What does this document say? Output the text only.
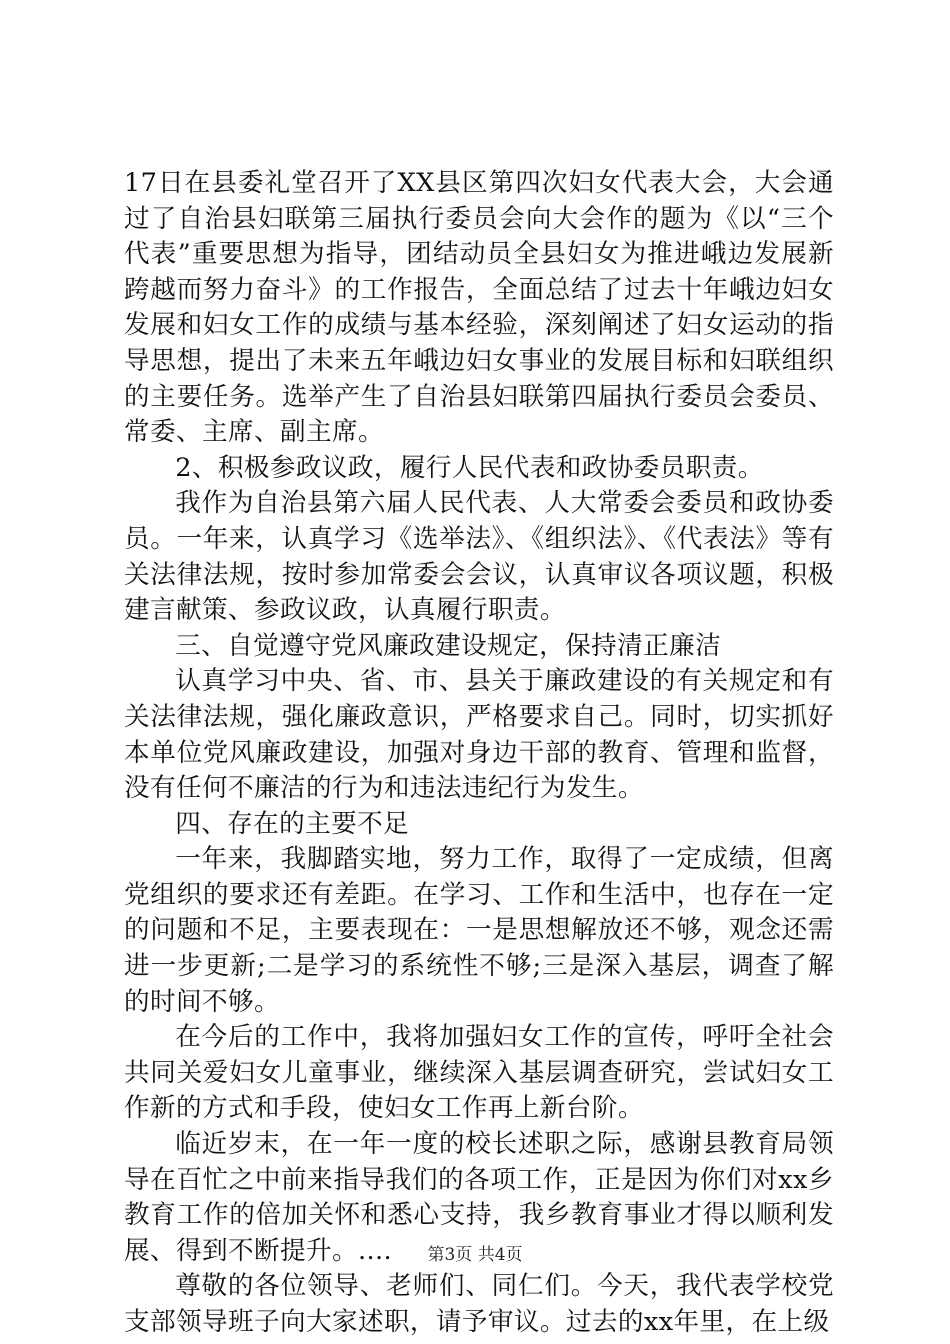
17日在县委礼堂召开了XX县区第四次妇女代表大会，大会通过了自治县妇联第三届执行委员会向大会作的题为《以“三个代表”重要思想为指导，团结动员全县妇女为推进峨边发展新跨越而努力奋斗》的工作报告，全面总结了过去十年峨边妇女发展和妇女工作的成绩与基本经验，深刻阐述了妇女运动的指导思想，提出了未来五年峨边妇女事业的发展目标和妇联组织的主要任务。选举产生了自治县妇联第四届执行委员会委员、常委、主席、副主席。

2、积极参政议政，履行人民代表和政协委员职责。

我作为自治县第六届人民代表、人大常委会委员和政协委员。一年来，认真学习《选举法》、《组织法》、《代表法》等有关法律法规，按时参加常委会会议，认真审议各项议题，积极建言献策、参政议政，认真履行职责。

三、自觉遵守党风廉政建设规定，保持清正廉洁

认真学习中央、省、市、县关于廉政建设的有关规定和有关法律法规，强化廉政意识，严格要求自己。同时，切实抓好本单位党风廉政建设，加强对身边干部的教育、管理和监督，没有任何不廉洁的行为和违法违纪行为发生。

四、存在的主要不足

一年来，我脚踏实地，努力工作，取得了一定成绩，但离党组织的要求还有差距。在学习、工作和生活中，也存在一定的问题和不足，主要表现在：一是思想解放还不够，观念还需进一步更新;二是学习的系统性不够;三是深入基层，调查了解的时间不够。

在今后的工作中，我将加强妇女工作的宣传，呼吁全社会共同关爱妇女儿童事业，继续深入基层调查研究，尝试妇女工作新的方式和手段，使妇女工作再上新台阶。

临近岁末，在一年一度的校长述职之际，感谢县教育局领导在百忙之中前来指导我们的各项工作，正是因为你们对xx乡教育工作的倍加关怀和悉心支持，我乡教育事业才得以顺利发展、得到不断提升。....

尊敬的各位领导、老师们、同仁们。今天，我代表学校党支部领导班子向大家述职，请予审议。过去的xx年里，在上级

第3页 共4页
